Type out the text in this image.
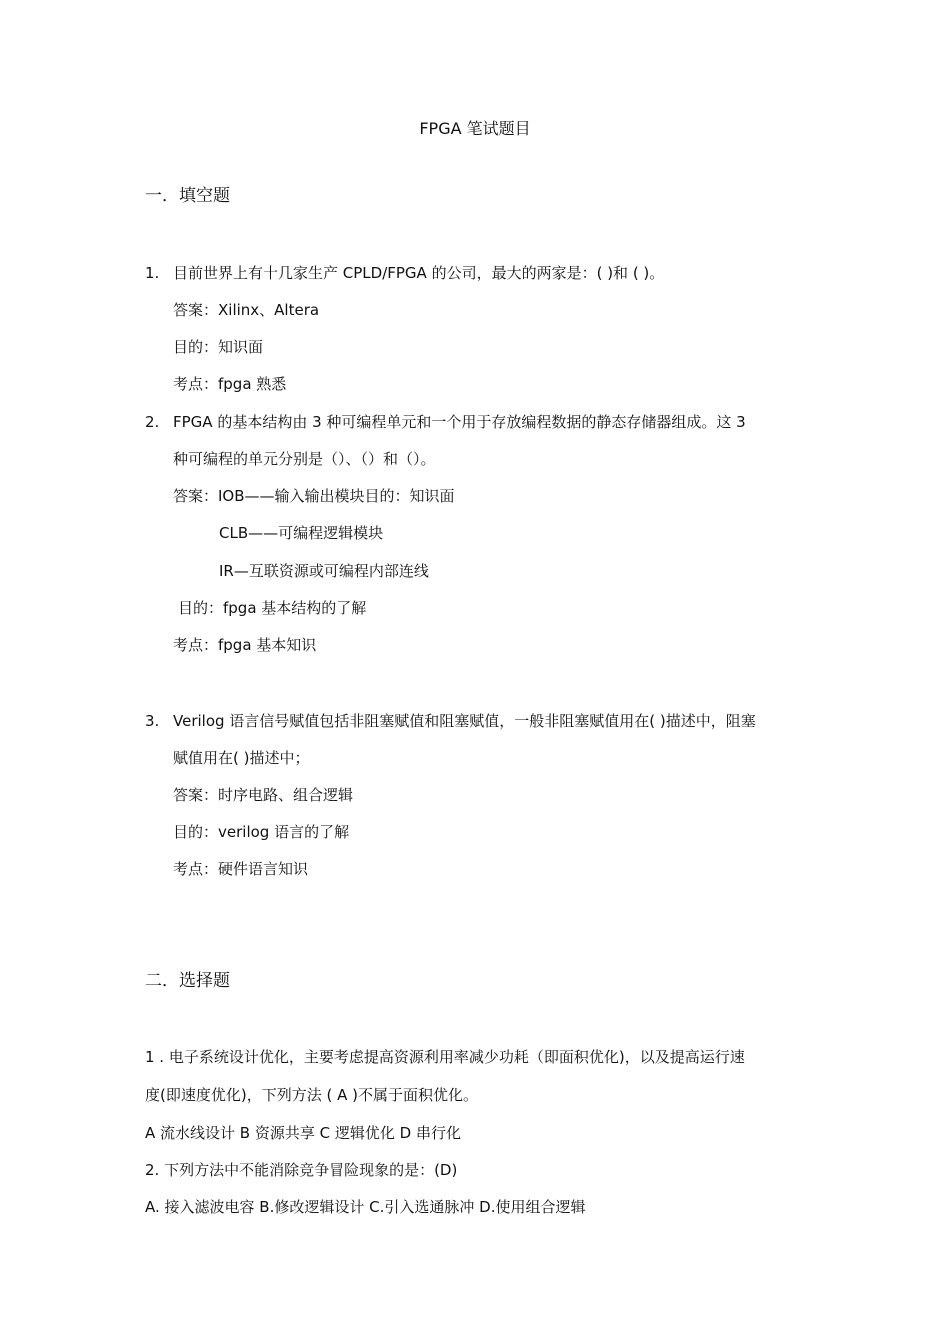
FPGA 笔试题目
一．填空题
1. 目前世界上有十几家生产 CPLD/FPGA 的公司，最大的两家是：( )和 ( )。
答案：Xilinx、Altera
目的：知识面
考点：fpga 熟悉
2. FPGA 的基本结构由 3 种可编程单元和一个用于存放编程数据的静态存储器组成。这 3
种可编程的单元分别是（）、（）和（）。
答案：IOB——输入输出模块目的：知识面
CLB——可编程逻辑模块
IR—互联资源或可编程内部连线
目的：fpga 基本结构的了解
考点：fpga 基本知识
3. Verilog 语言信号赋值包括非阻塞赋值和阻塞赋值，一般非阻塞赋值用在( )描述中，阻塞
赋值用在( )描述中；
答案：时序电路、组合逻辑
目的：verilog 语言的了解
考点：硬件语言知识
二．选择题
1 . 电子系统设计优化，主要考虑提高资源利用率减少功耗（即面积优化)，以及提高运行速
度(即速度优化)，下列方法 ( A )不属于面积优化。
A 流水线设计 B 资源共享 C 逻辑优化 D 串行化
2. 下列方法中不能消除竞争冒险现象的是：(D)
A. 接入滤波电容 B.修改逻辑设计 C.引入选通脉冲 D.使用组合逻辑
